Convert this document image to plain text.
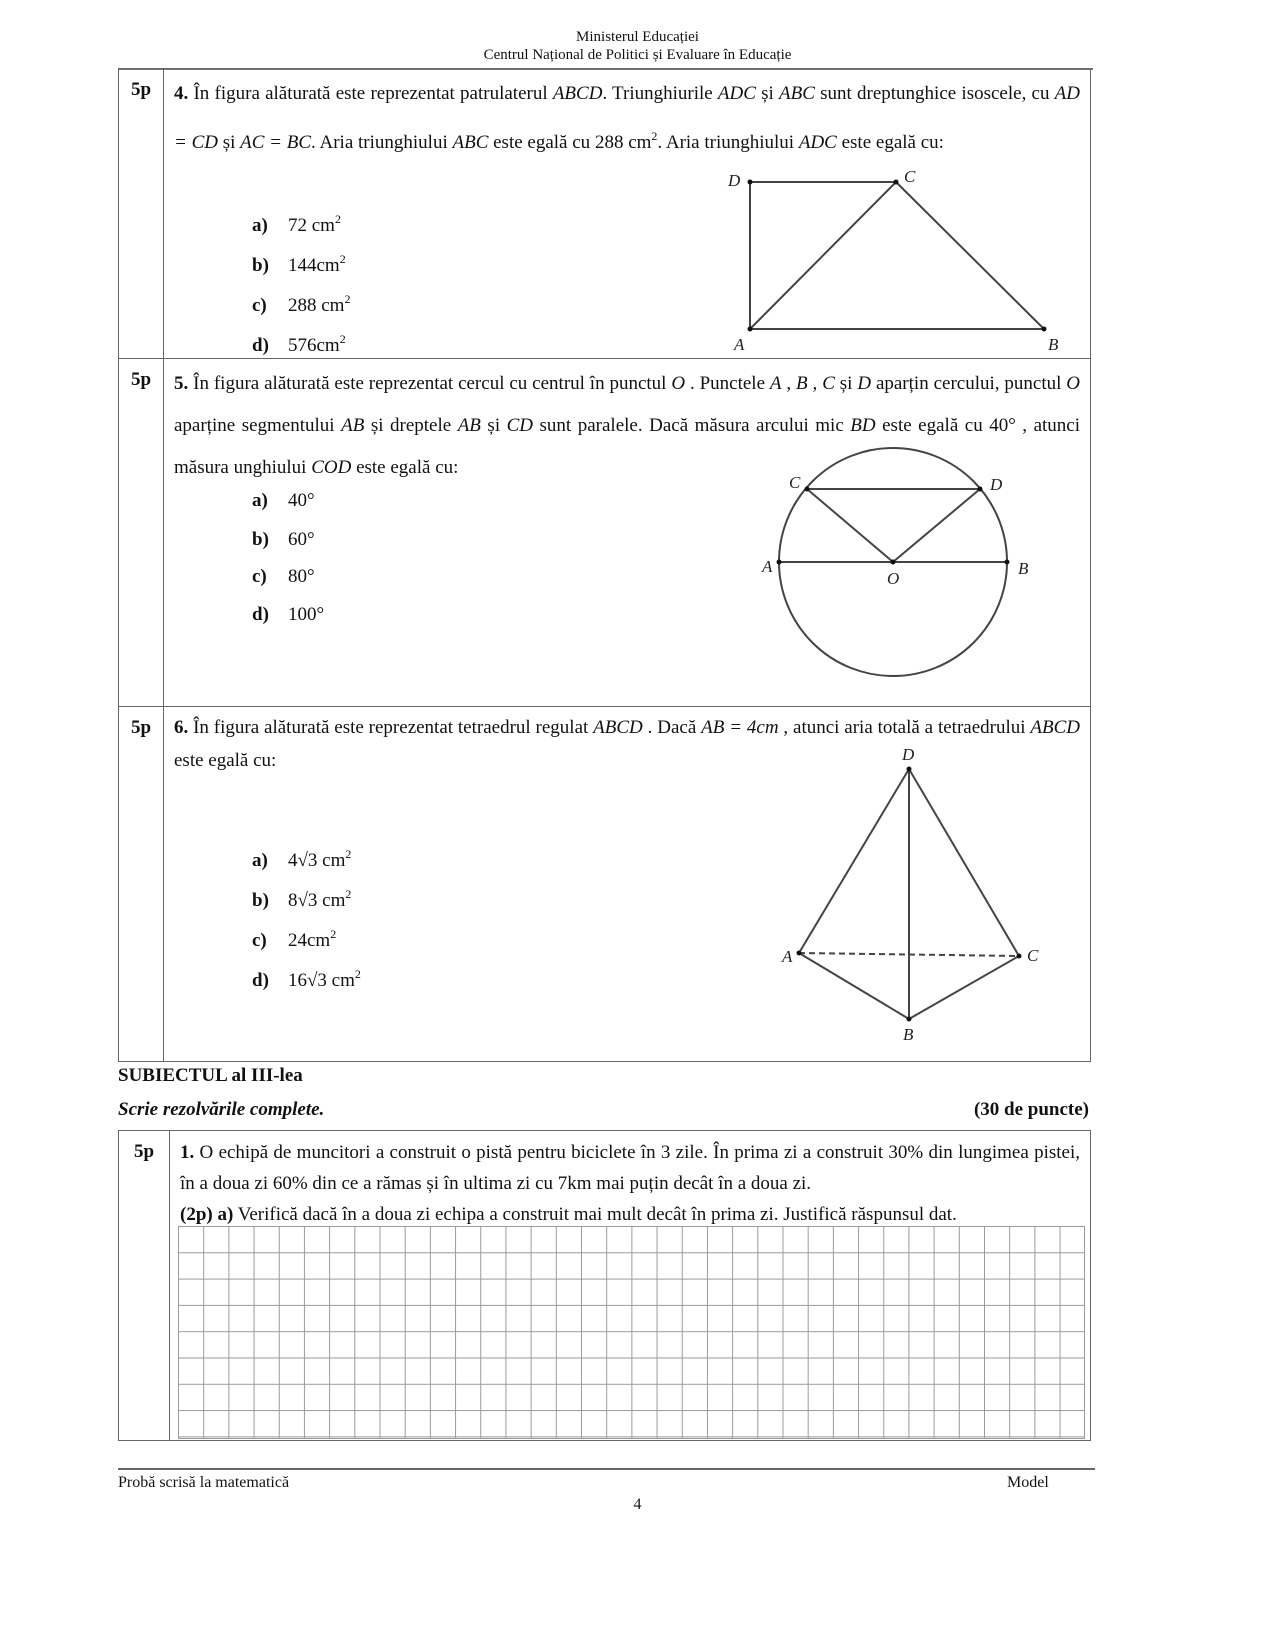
Ministerul Educației
Centrul Național de Politici și Evaluare în Educație
5p	4. În figura alăturată este reprezentat patrulaterul ABCD. Triunghiurile ADC și ABC sunt dreptunghice isoscele, cu AD = CD și AC = BC. Aria triunghiului ABC este egală cu 288 $cm^2$. Aria triunghiului ADC este egală cu:
a) 72 $cm^2$
b) $144cm^2$
c) 288 $cm^2$
d) $576cm^2$
D	C
A	B

5p	5. În figura alăturată este reprezentat cercul cu centrul în punctul O . Punctele A , B , C și D aparțin cercului, punctul O aparține segmentului AB și dreptele AB și CD sunt paralele. Dacă măsura arcului mic BD este egală cu 40° , atunci măsura unghiului COD este egală cu:
a) 40°
b) 60°
c) 80°
d) 100°
A	B
C	D
O

5p	6. În figura alăturată este reprezentat tetraedrul regulat ABCD . Dacă AB = 4cm , atunci aria totală a tetraedrului ABCD este egală cu:
a) 4√3 $cm^2$
b) 8√3 $cm^2$
c) $24cm^2$
d) 16√3 $cm^2$
D
A	C
B
SUBIECTUL al III-lea
Scrie rezolvările complete.	(30 de puncte)
5p	1. O echipă de muncitori a construit o pistă pentru biciclete în 3 zile. În prima zi a construit 30% din lungimea pistei, în a doua zi 60% din ce a rămas și în ultima zi cu 7km mai puțin decât în a doua zi.
(2p) a) Verifică dacă în a doua zi echipa a construit mai mult decât în prima zi. Justifică răspunsul dat.
Probă scrisă la matematică	Model
4
